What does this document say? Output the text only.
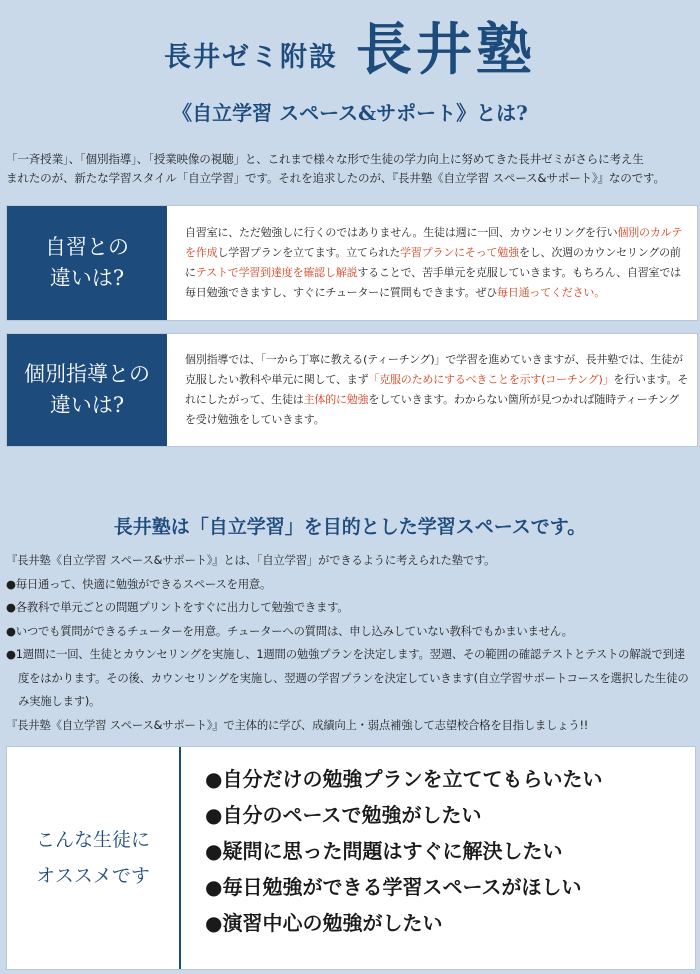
長井ゼミ附設 長井塾
《自立学習 スペース&サポート》とは?
「一斉授業」、「個別指導」、「授業映像の視聴」と、これまで様々な形で生徒の学力向上に努めてきた長井ゼミがさらに考え生
まれたのが、新たな学習スタイル「自立学習」です。それを追求したのが、『長井塾《自立学習 スペース&サポート》』なのです。
自習との
違いは?
自習室に、ただ勉強しに行くのではありません。生徒は週に一回、カウンセリングを行い個別のカルテを作成し学習プランを立てます。立てられた学習プランにそって勉強をし、次週のカウンセリングの前にテストで学習到達度を確認し解説することで、苦手単元を克服していきます。もちろん、自習室では毎日勉強できますし、すぐにチューターに質問もできます。ぜひ毎日通ってください。
個別指導との
違いは?
個別指導では、「一から丁寧に教える(ティーチング)」で学習を進めていきますが、長井塾では、生徒が克服したい教科や単元に関して、まず「克服のためにするべきことを示す(コーチング)」を行います。それにしたがって、生徒は主体的に勉強をしていきます。わからない箇所が見つかれば随時ティーチングを受け勉強をしていきます。
長井塾は「自立学習」を目的とした学習スペースです。
『長井塾《自立学習 スペース&サポート》』とは、「自立学習」ができるように考えられた塾です。
●毎日通って、快適に勉強ができるスペースを用意。
●各教科で単元ごとの問題プリントをすぐに出力して勉強できます。
●いつでも質問ができるチューターを用意。チューターへの質問は、申し込みしていない教科でもかまいません。
●1週間に一回、生徒とカウンセリングを実施し、1週間の勉強プランを決定します。翌週、その範囲の確認テストとテストの解説で到達度をはかります。その後、カウンセリングを実施し、翌週の学習プランを決定していきます(自立学習サポートコースを選択した生徒のみ実施します)。
『長井塾《自立学習 スペース&サポート》』で主体的に学び、成績向上・弱点補強して志望校合格を目指しましょう!!
こんな生徒に
オススメです
●自分だけの勉強プランを立ててもらいたい
●自分のペースで勉強がしたい
●疑問に思った問題はすぐに解決したい
●毎日勉強ができる学習スペースがほしい
●演習中心の勉強がしたい
